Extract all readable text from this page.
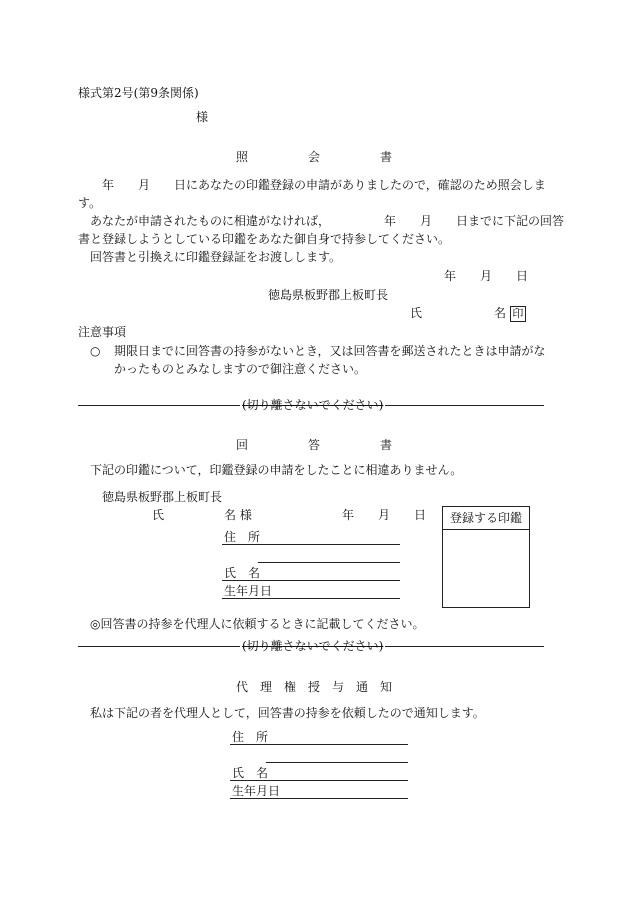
様式第2号(第9条関係)
様
照　　　　　会　　　　　書
　　年　　月　　日にあなたの印鑑登録の申請がありましたので，確認のため照会しま
す。
あなたが申請されたものに相違がなければ，　　　　　年　　月　　日までに下記の回答
書と登録しようとしている印鑑をあなた御自身で持参してください。
回答書と引換えに印鑑登録証をお渡しします。
年　　月　　日
徳島県板野郡上板町長
氏　　　　　　名 印
注意事項
○ 期限日までに回答書の持参がないとき，又は回答書を郵送されたときは申請がな
かったものとみなしますので御注意ください。
(切り離さないでください)
回　　　　　答　　　　　書
下記の印鑑について，印鑑登録の申請をしたことに相違ありません。
徳島県板野郡上板町長
氏　　　　　名 様	年　　月　　日
住　所
氏　名
生年月日
登録する印鑑
◎回答書の持参を代理人に依頼するときに記載してください。
(切り離さないでください)
代　理　権　授　与　通　知
私は下記の者を代理人として，回答書の持参を依頼したので通知します。
住　所
氏　名
生年月日
